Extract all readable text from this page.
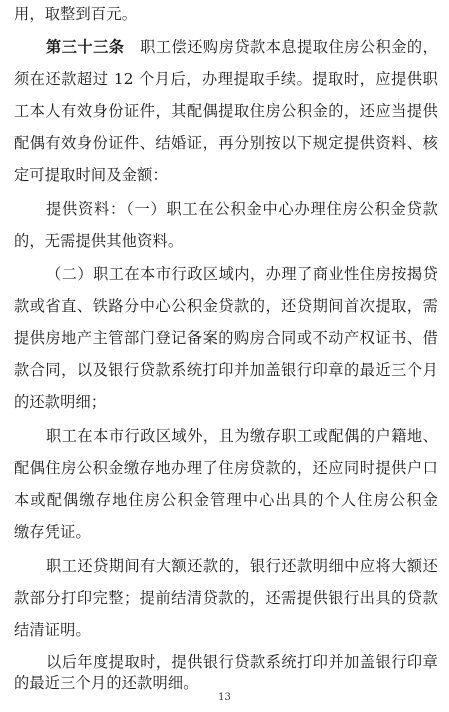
用，取整到百元。
第三十三条  职工偿还购房贷款本息提取住房公积金的，
须在还款超过 12 个月后，办理提取手续。提取时，应提供职
工本人有效身份证件，其配偶提取住房公积金的，还应当提供
配偶有效身份证件、结婚证，再分别按以下规定提供资料、核
定可提取时间及金额：
提供资料：（一）职工在公积金中心办理住房公积金贷款
的，无需提供其他资料。
（二）职工在本市行政区域内，办理了商业性住房按揭贷
款或省直、铁路分中心公积金贷款的，还贷期间首次提取，需
提供房地产主管部门登记备案的购房合同或不动产权证书、借
款合同，以及银行贷款系统打印并加盖银行印章的最近三个月
的还款明细；
职工在本市行政区域外，且为缴存职工或配偶的户籍地、
配偶住房公积金缴存地办理了住房贷款的，还应同时提供户口
本或配偶缴存地住房公积金管理中心出具的个人住房公积金
缴存凭证。
职工还贷期间有大额还款的，银行还款明细中应将大额还
款部分打印完整；提前结清贷款的，还需提供银行出具的贷款
结清证明。
以后年度提取时，提供银行贷款系统打印并加盖银行印章
的最近三个月的还款明细。
13
